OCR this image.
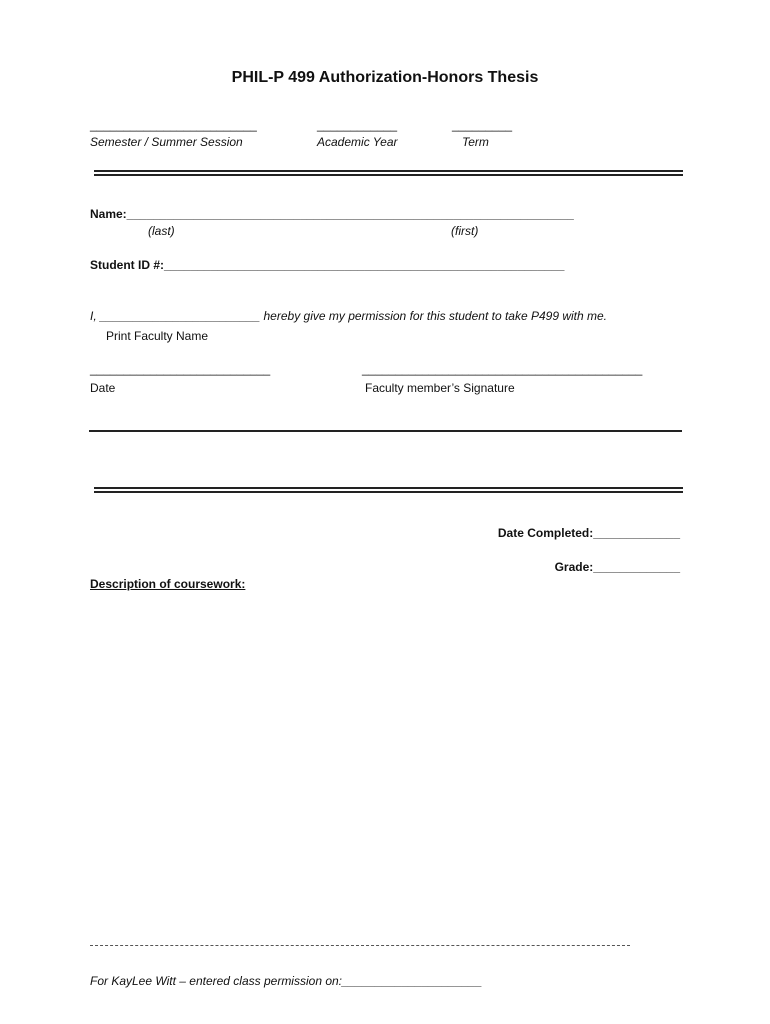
PHIL-P 499 Authorization-Honors Thesis
_________________________
Semester / Summer Session
____________
Academic Year
_________
Term
Name:___________________________________________________________________
(last)	(first)
Student ID #:____________________________________________________________
I, ________________________ hereby give my permission for this student to take P499 with me.
Print Faculty Name
___________________________
Date
__________________________________________
Faculty member’s Signature
Date Completed:_____________
Grade:_____________
Description of coursework:
For KayLee Witt – entered class permission on:_____________________
